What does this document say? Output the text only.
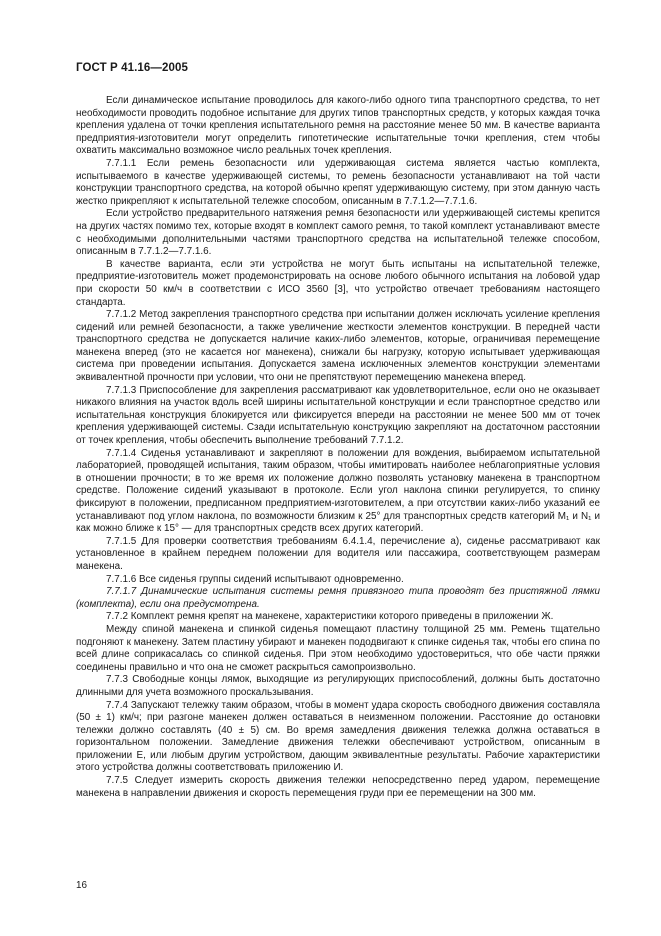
ГОСТ Р 41.16—2005

Если динамическое испытание проводилось для какого-либо одного типа транспортного средства, то нет необходимости проводить подобное испытание для других типов транспортных средств, у которых каждая точка крепления удалена от точки крепления испытательного ремня на расстояние менее 50 мм. В качестве варианта предприятия-изготовители могут определить гипотетические испытательные точки крепления, стем чтобы охватить максимально возможное число реальных точек крепления.

7.7.1.1 Если ремень безопасности или удерживающая система является частью комплекта, испытываемого в качестве удерживающей системы, то ремень безопасности устанавливают на той части конструкции транспортного средства, на которой обычно крепят удерживающую систему, при этом данную часть жестко прикрепляют к испытательной тележке способом, описанным в 7.7.1.2—7.7.1.6.

Если устройство предварительного натяжения ремня безопасности или удерживающей системы крепится на других частях помимо тех, которые входят в комплект самого ремня, то такой комплект устанавливают вместе с необходимыми дополнительными частями транспортного средства на испытательной тележке способом, описанным в 7.7.1.2—7.7.1.6.

В качестве варианта, если эти устройства не могут быть испытаны на испытательной тележке, предприятие-изготовитель может продемонстрировать на основе любого обычного испытания на лобовой удар при скорости 50 км/ч в соответствии с ИСО 3560 [3], что устройство отвечает требованиям настоящего стандарта.

7.7.1.2 Метод закрепления транспортного средства при испытании должен исключать усиление крепления сидений или ремней безопасности, а также увеличение жесткости элементов конструкции. В передней части транспортного средства не допускается наличие каких-либо элементов, которые, ограничивая перемещение манекена вперед (это не касается ног манекена), снижали бы нагрузку, которую испытывает удерживающая система при проведении испытания. Допускается замена исключенных элементов конструкции элементами эквивалентной прочности при условии, что они не препятствуют перемещению манекена вперед.

7.7.1.3 Приспособление для закрепления рассматривают как удовлетворительное, если оно не оказывает никакого влияния на участок вдоль всей ширины испытательной конструкции и если транспортное средство или испытательная конструкция блокируется или фиксируется впереди на расстоянии не менее 500 мм от точек крепления удерживающей системы. Сзади испытательную конструкцию закрепляют на достаточном расстоянии от точек крепления, чтобы обеспечить выполнение требований 7.7.1.2.

7.7.1.4 Сиденья устанавливают и закрепляют в положении для вождения, выбираемом испытательной лабораторией, проводящей испытания, таким образом, чтобы имитировать наиболее неблагоприятные условия в отношении прочности; в то же время их положение должно позволять установку манекена в транспортном средстве. Положение сидений указывают в протоколе. Если угол наклона спинки регулируется, то спинку фиксируют в положении, предписанном предприятием-изготовителем, а при отсутствии каких-либо указаний ее устанавливают под углом наклона, по возможности близким к 25° для транспортных средств категорий M₁ и N₁ и как можно ближе к 15° — для транспортных средств всех других категорий.

7.7.1.5 Для проверки соответствия требованиям 6.4.1.4, перечисление а), сиденье рассматривают как установленное в крайнем переднем положении для водителя или пассажира, соответствующем размерам манекена.

7.7.1.6 Все сиденья группы сидений испытывают одновременно.

7.7.1.7 Динамические испытания системы ремня привязного типа проводят без пристяжной лямки (комплекта), если она предусмотрена.

7.7.2 Комплект ремня крепят на манекене, характеристики которого приведены в приложении Ж.

Между спиной манекена и спинкой сиденья помещают пластину толщиной 25 мм. Ремень тщательно подгоняют к манекену. Затем пластину убирают и манекен пододвигают к спинке сиденья так, чтобы его спина по всей длине соприкасалась со спинкой сиденья. При этом необходимо удостовериться, что обе части пряжки соединены правильно и что она не сможет раскрыться самопроизвольно.

7.7.3 Свободные концы лямок, выходящие из регулирующих приспособлений, должны быть достаточно длинными для учета возможного проскальзывания.

7.7.4 Запускают тележку таким образом, чтобы в момент удара скорость свободного движения составляла (50 ± 1) км/ч; при разгоне манекен должен оставаться в неизменном положении. Расстояние до остановки тележки должно составлять (40 ± 5) см. Во время замедления движения тележка должна оставаться в горизонтальном положении. Замедление движения тележки обеспечивают устройством, описанным в приложении Е, или любым другим устройством, дающим эквивалентные результаты. Рабочие характеристики этого устройства должны соответствовать приложению И.

7.7.5 Следует измерить скорость движения тележки непосредственно перед ударом, перемещение манекена в направлении движения и скорость перемещения груди при ее перемещении на 300 мм.

16
